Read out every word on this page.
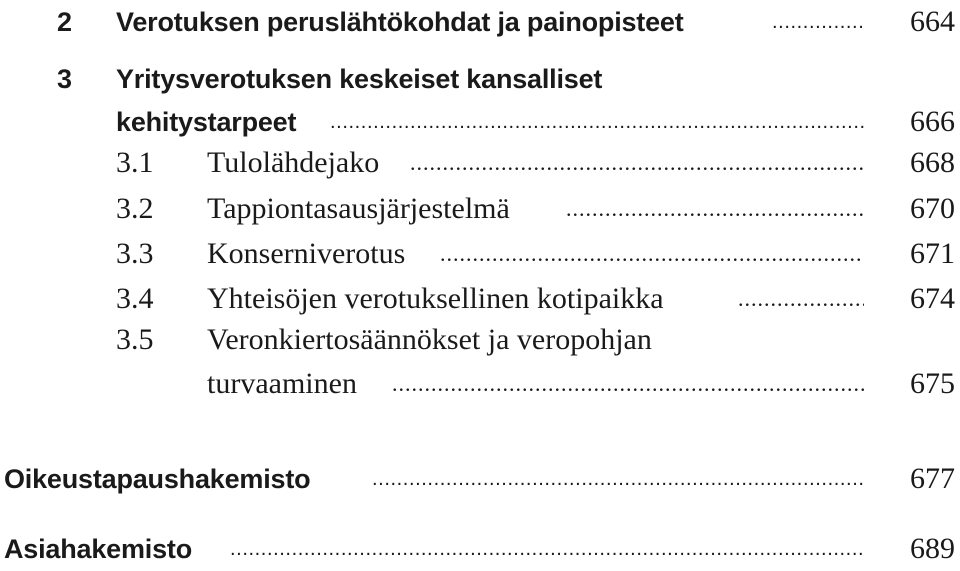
2 Verotuksen peruslähtökohdat ja painopisteet .....	664
3 Yritysverotuksen keskeiset kansalliset
kehitystarpeet .....	666
3.1 Tulolähdejako .....	668
3.2 Tappiontasausjärjestelmä .....	670
3.3 Konserniverotus .....	671
3.4 Yhteisöjen verotuksellinen kotipaikka .....	674
3.5 Veronkiertosäännökset ja veropohjan
turvaaminen .....	675
Oikeustapaushakemisto .....	677
Asiahakemisto .....	689
